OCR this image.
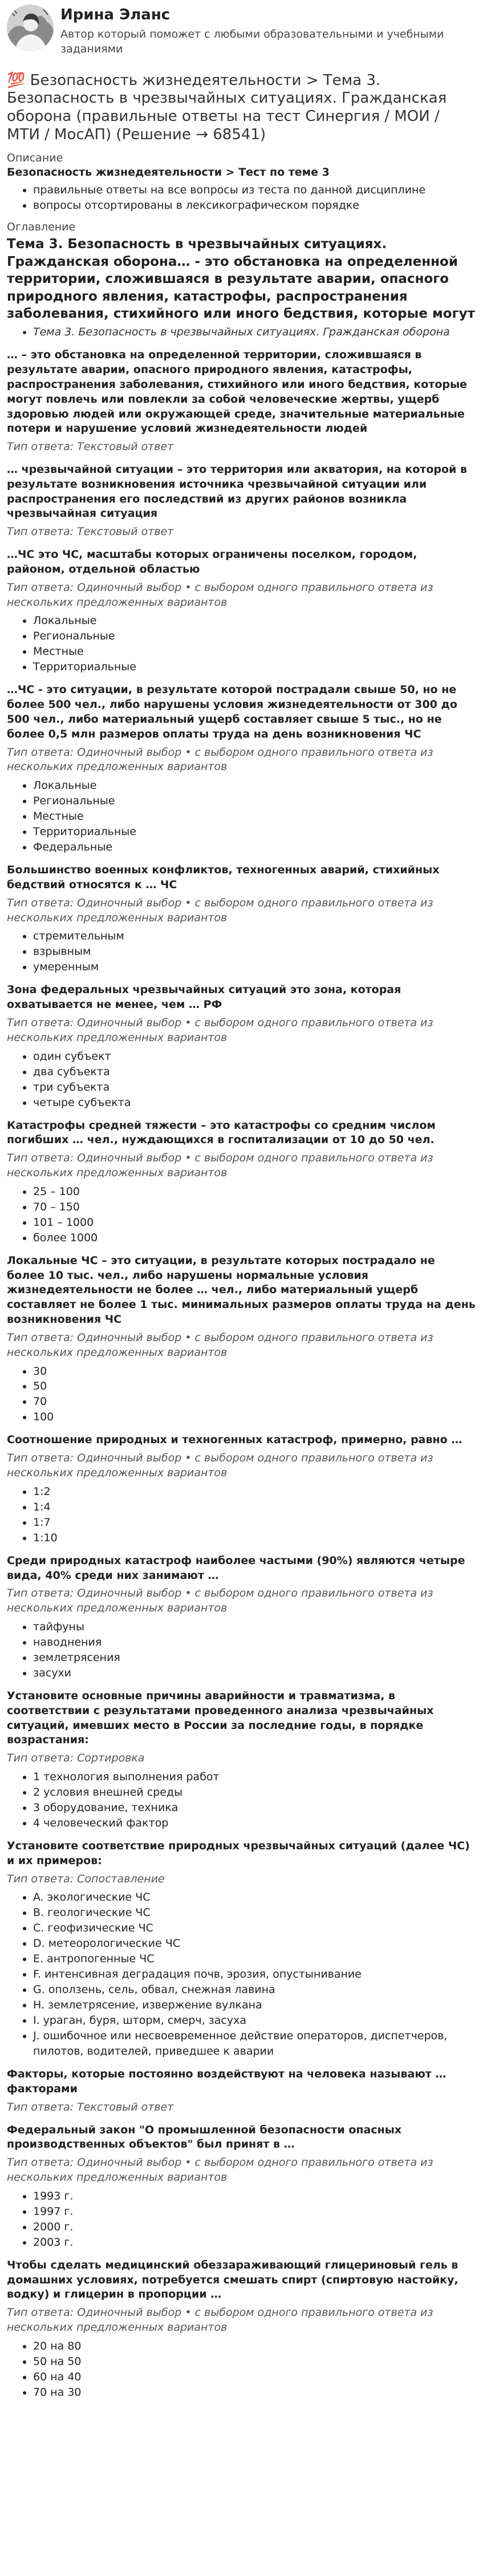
Ирина Эланс

Автор который поможет с любыми образовательными и учебными заданиями

💯 Безопасность жизнедеятельности > Тема 3. Безопасность в чрезвычайных ситуациях. Гражданская оборона (правильные ответы на тест Синергия / МОИ / МТИ / МосАП) (Решение → 68541)

Описание

Безопасность жизнедеятельности > Тест по теме 3

• правильные ответы на все вопросы из теста по данной дисциплине
• вопросы отсортированы в лексикографическом порядке

Оглавление

Тема 3. Безопасность в чрезвычайных ситуациях. Гражданская оборона… - это обстановка на определенной территории, сложившаяся в результате аварии, опасного природного явления, катастрофы, распространения заболевания, стихийного или иного бедствия, которые могут
• Тема 3. Безопасность в чрезвычайных ситуациях. Гражданская оборона

… – это обстановка на определенной территории, сложившаяся в результате аварии, опасного природного явления, катастрофы, распространения заболевания, стихийного или иного бедствия, которые могут повлечь или повлекли за собой человеческие жертвы, ущерб здоровью людей или окружающей среде, значительные материальные потери и нарушение условий жизнедеятельности людей

Тип ответа: Текстовый ответ

… чрезвычайной ситуации – это территория или акватория, на которой в результате возникновения источника чрезвычайной ситуации или распространения его последствий из других районов возникла чрезвычайная ситуация

Тип ответа: Текстовый ответ

…ЧС это ЧС, масштабы которых ограничены поселком, городом, районом, отдельной областью

Тип ответа: Одиночный выбор • с выбором одного правильного ответа из нескольких предложенных вариантов

• Локальные
• Региональные
• Местные
• Территориальные

…ЧС - это ситуации, в результате которой пострадали свыше 50, но не более 500 чел., либо нарушены условия жизнедеятельности от 300 до 500 чел., либо материальный ущерб составляет свыше 5 тыс., но не более 0,5 млн размеров оплаты труда на день возникновения ЧС

Тип ответа: Одиночный выбор • с выбором одного правильного ответа из нескольких предложенных вариантов

• Локальные
• Региональные
• Местные
• Территориальные
• Федеральные

Большинство военных конфликтов, техногенных аварий, стихийных бедствий относятся к … ЧС

Тип ответа: Одиночный выбор • с выбором одного правильного ответа из нескольких предложенных вариантов

• стремительным
• взрывным
• умеренным

Зона федеральных чрезвычайных ситуаций это зона, которая охватывается не менее, чем … РФ

Тип ответа: Одиночный выбор • с выбором одного правильного ответа из нескольких предложенных вариантов

• один субъект
• два субъекта
• три субъекта
• четыре субъекта

Катастрофы средней тяжести – это катастрофы со средним числом погибших … чел., нуждающихся в госпитализации от 10 до 50 чел.

Тип ответа: Одиночный выбор • с выбором одного правильного ответа из нескольких предложенных вариантов

• 25 – 100
• 70 – 150
• 101 – 1000
• более 1000

Локальные ЧС – это ситуации, в результате которых пострадало не более 10 тыс. чел., либо нарушены нормальные условия жизнедеятельности не более … чел., либо материальный ущерб составляет не более 1 тыс. минимальных размеров оплаты труда на день возникновения ЧС

Тип ответа: Одиночный выбор • с выбором одного правильного ответа из нескольких предложенных вариантов

• 30
• 50
• 70
• 100

Соотношение природных и техногенных катастроф, примерно, равно …

Тип ответа: Одиночный выбор • с выбором одного правильного ответа из нескольких предложенных вариантов

• 1:2
• 1:4
• 1:7
• 1:10

Среди природных катастроф наиболее частыми (90%) являются четыре вида, 40% среди них занимают …

Тип ответа: Одиночный выбор • с выбором одного правильного ответа из нескольких предложенных вариантов

• тайфуны
• наводнения
• землетрясения
• засухи

Установите основные причины аварийности и травматизма, в соответствии с результатами проведенного анализа чрезвычайных ситуаций, имевших место в России за последние годы, в порядке возрастания:

Тип ответа: Сортировка

• 1 технология выполнения работ
• 2 условия внешней среды
• 3 оборудование, техника
• 4 человеческий фактор

Установите соответствие природных чрезвычайных ситуаций (далее ЧС) и их примеров:

Тип ответа: Сопоставление

• A. экологические ЧС
• B. геологические ЧС
• C. геофизические ЧС
• D. метеорологические ЧС
• E. антропогенные ЧС
• F. интенсивная деградация почв, эрозия, опустынивание
• G. оползень, сель, обвал, снежная лавина
• H. землетрясение, извержение вулкана
• I. ураган, буря, шторм, смерч, засуха
• J. ошибочное или несвоевременное действие операторов, диспетчеров, пилотов, водителей, приведшее к аварии

Факторы, которые постоянно воздействуют на человека называют … факторами

Тип ответа: Текстовый ответ

Федеральный закон "О промышленной безопасности опасных производственных объектов" был принят в …

Тип ответа: Одиночный выбор • с выбором одного правильного ответа из нескольких предложенных вариантов

• 1993 г.
• 1997 г.
• 2000 г.
• 2003 г.

Чтобы сделать медицинский обеззараживающий глицериновый гель в домашних условиях, потребуется смешать спирт (спиртовую настойку, водку) и глицерин в пропорции …

Тип ответа: Одиночный выбор • с выбором одного правильного ответа из нескольких предложенных вариантов

• 20 на 80
• 50 на 50
• 60 на 40
• 70 на 30
